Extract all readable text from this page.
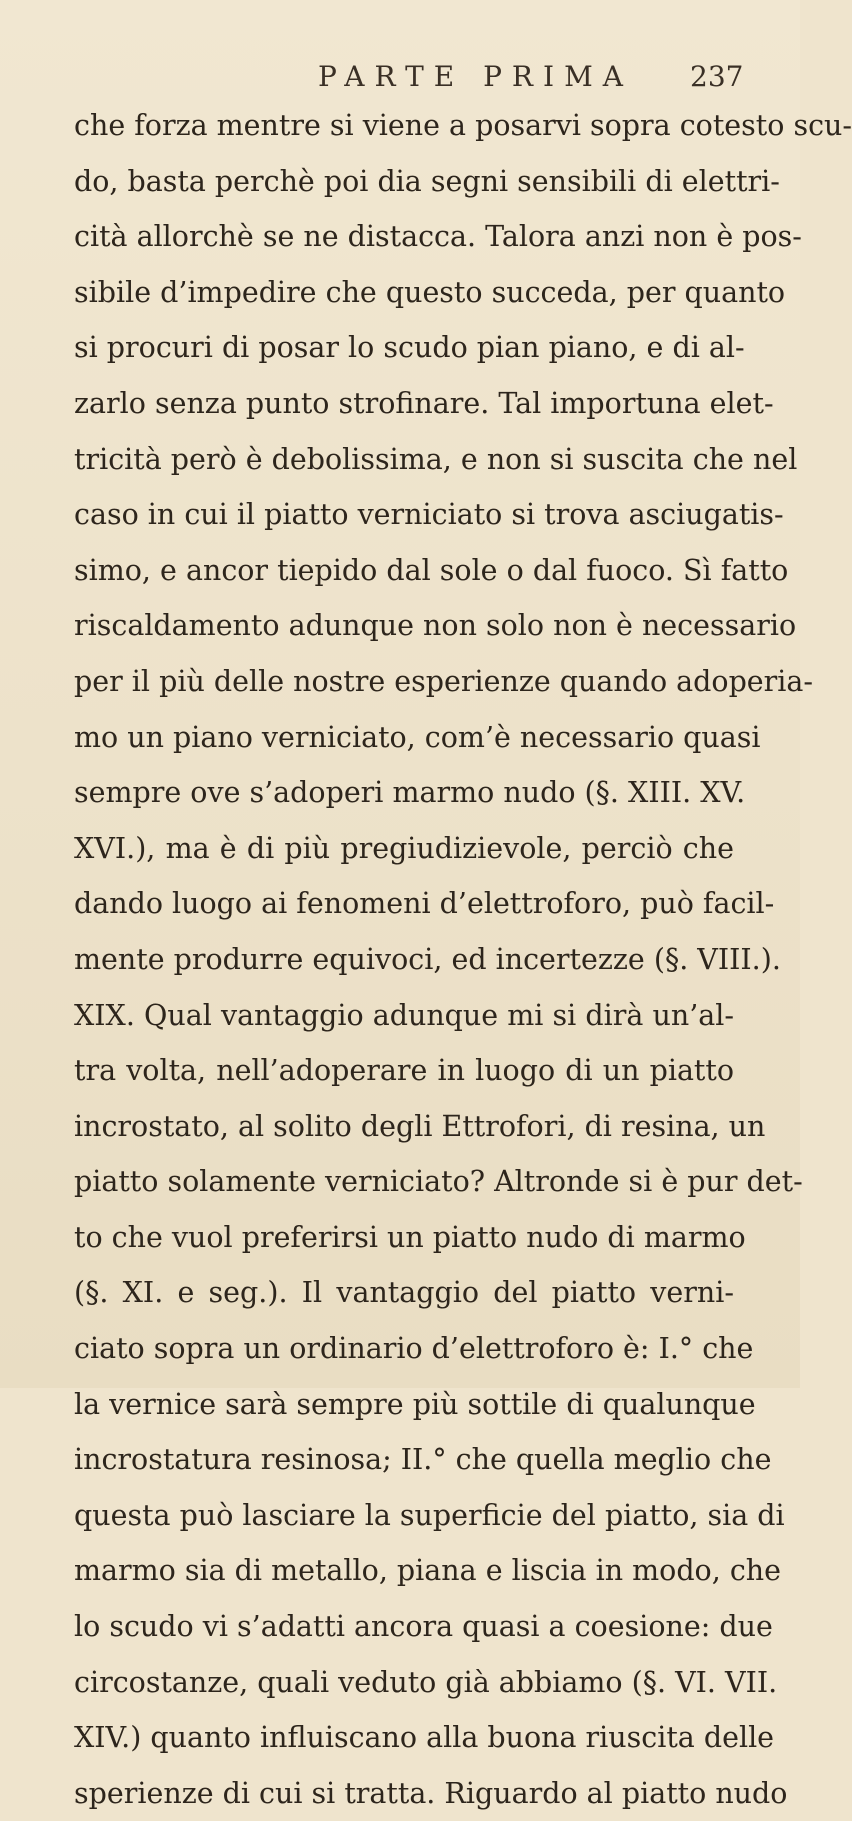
PARTE PRIMA 237
che forza mentre si viene a posarvi sopra cotesto scu-
do, basta perchè poi dia segni sensibili di elettri-
cità allorchè se ne distacca. Talora anzi non è pos-
sibile d’impedire che questo succeda, per quanto
si procuri di posar lo scudo pian piano, e di al-
zarlo senza punto strofinare. Tal importuna elet-
tricità però è debolissima, e non si suscita che nel
caso in cui il piatto verniciato si trova asciugatis-
simo, e ancor tiepido dal sole o dal fuoco. Sì fatto
riscaldamento adunque non solo non è necessario
per il più delle nostre esperienze quando adoperia-
mo un piano verniciato, com’è necessario quasi
sempre ove s’adoperi marmo nudo (§. XIII. XV.
XVI.), ma è di più pregiudizievole, perciò che
dando luogo ai fenomeni d’elettroforo, può facil-
mente produrre equivoci, ed incertezze (§. VIII.).
XIX. Qual vantaggio adunque mi si dirà un’al-
tra volta, nell’adoperare in luogo di un piatto
incrostato, al solito degli Ettrofori, di resina, un
piatto solamente verniciato? Altronde si è pur det-
to che vuol preferirsi un piatto nudo di marmo
(§. XI. e seg.). Il vantaggio del piatto verni-
ciato sopra un ordinario d’elettroforo è: I.° che
la vernice sarà sempre più sottile di qualunque
incrostatura resinosa; II.° che quella meglio che
questa può lasciare la superficie del piatto, sia di
marmo sia di metallo, piana e liscia in modo, che
lo scudo vi s’adatti ancora quasi a coesione: due
circostanze, quali veduto già abbiamo (§. VI. VII.
XIV.) quanto influiscano alla buona riuscita delle
sperienze di cui si tratta. Riguardo al piatto nudo
